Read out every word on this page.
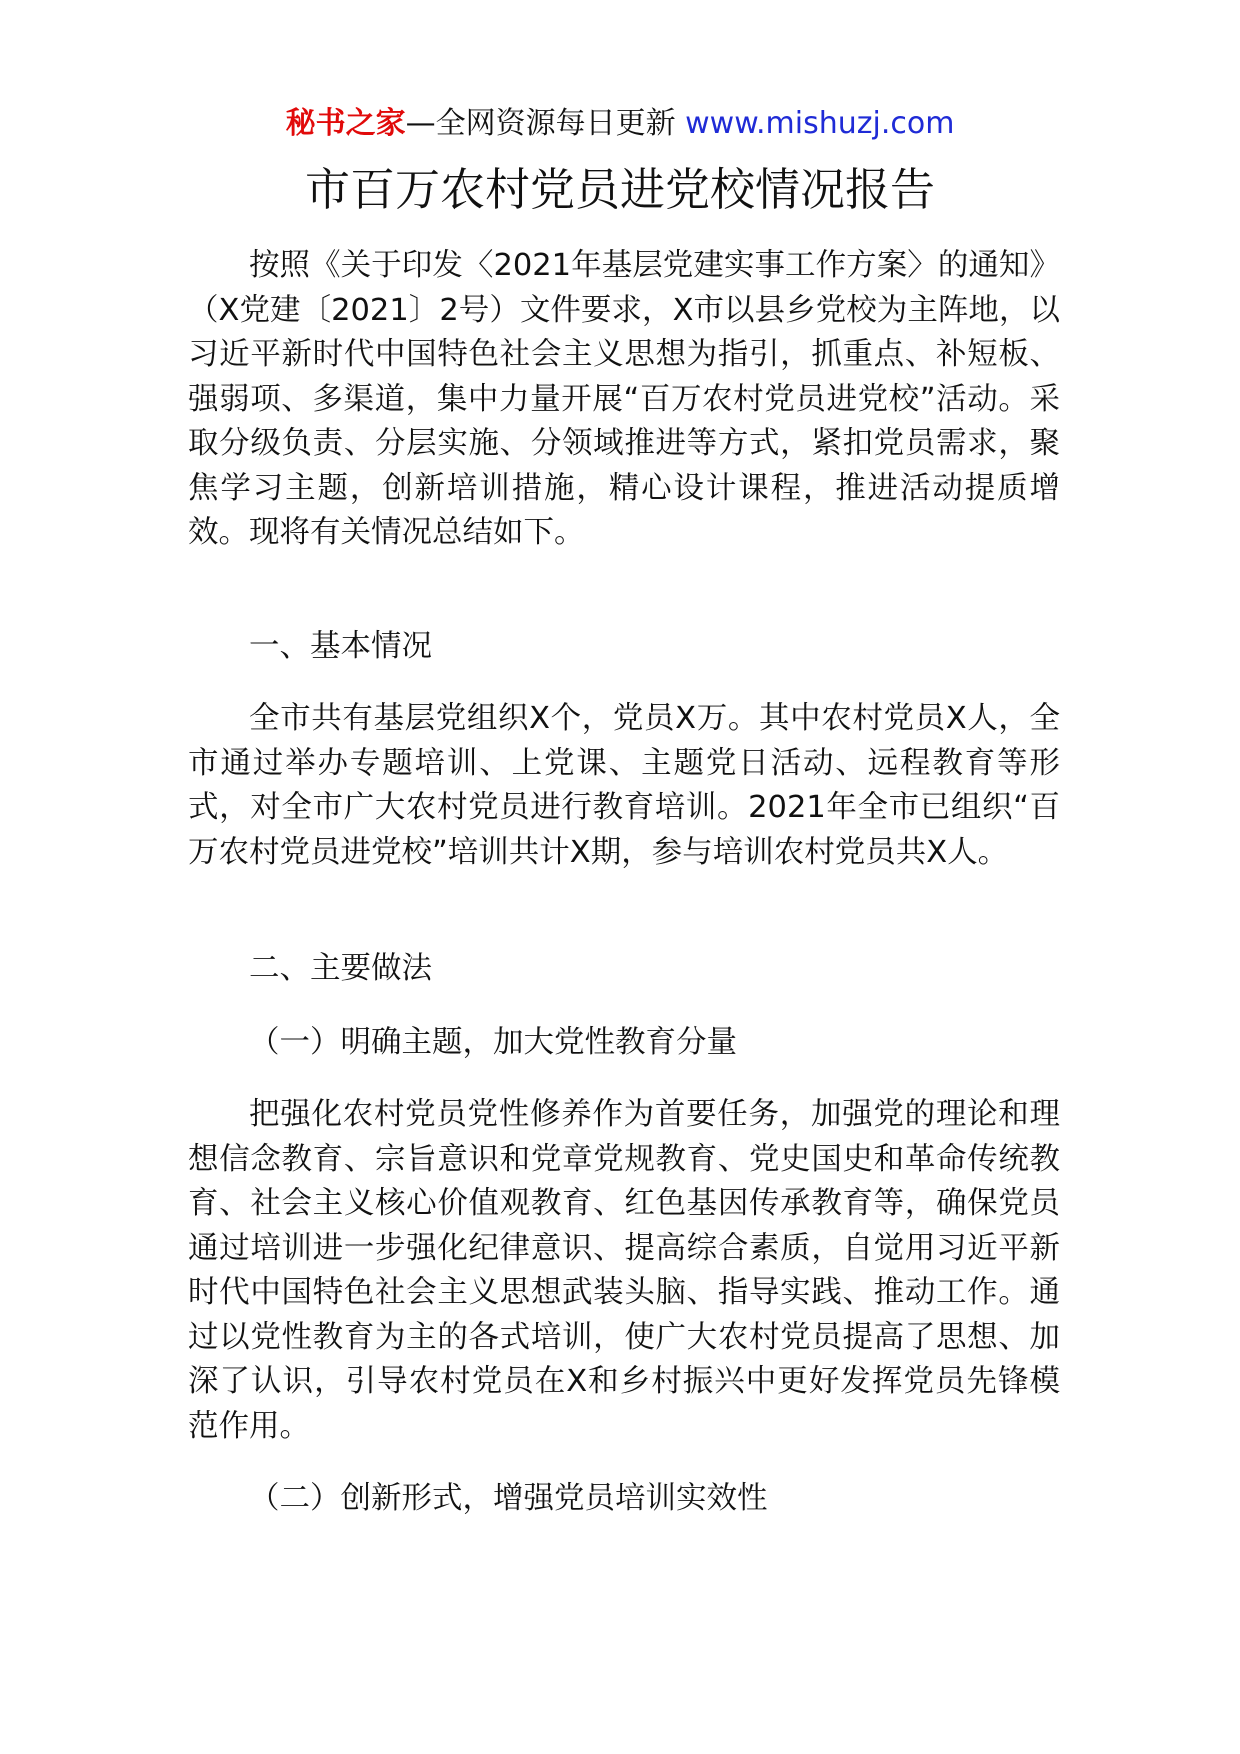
秘书之家—全网资源每日更新 www.mishuzj.com
市百万农村党员进党校情况报告

按照《关于印发〈2021年基层党建实事工作方案〉的通知》（X党建〔2021〕2号）文件要求，X市以县乡党校为主阵地，以习近平新时代中国特色社会主义思想为指引，抓重点、补短板、强弱项、多渠道，集中力量开展“百万农村党员进党校”活动。采取分级负责、分层实施、分领域推进等方式，紧扣党员需求，聚焦学习主题，创新培训措施，精心设计课程，推进活动提质增效。现将有关情况总结如下。

一、基本情况

全市共有基层党组织X个，党员X万。其中农村党员X人，全市通过举办专题培训、上党课、主题党日活动、远程教育等形式，对全市广大农村党员进行教育培训。2021年全市已组织“百万农村党员进党校”培训共计X期，参与培训农村党员共X人。

二、主要做法

（一）明确主题，加大党性教育分量

把强化农村党员党性修养作为首要任务，加强党的理论和理想信念教育、宗旨意识和党章党规教育、党史国史和革命传统教育、社会主义核心价值观教育、红色基因传承教育等，确保党员通过培训进一步强化纪律意识、提高综合素质，自觉用习近平新时代中国特色社会主义思想武装头脑、指导实践、推动工作。通过以党性教育为主的各式培训，使广大农村党员提高了思想、加深了认识，引导农村党员在X和乡村振兴中更好发挥党员先锋模范作用。

（二）创新形式，增强党员培训实效性
